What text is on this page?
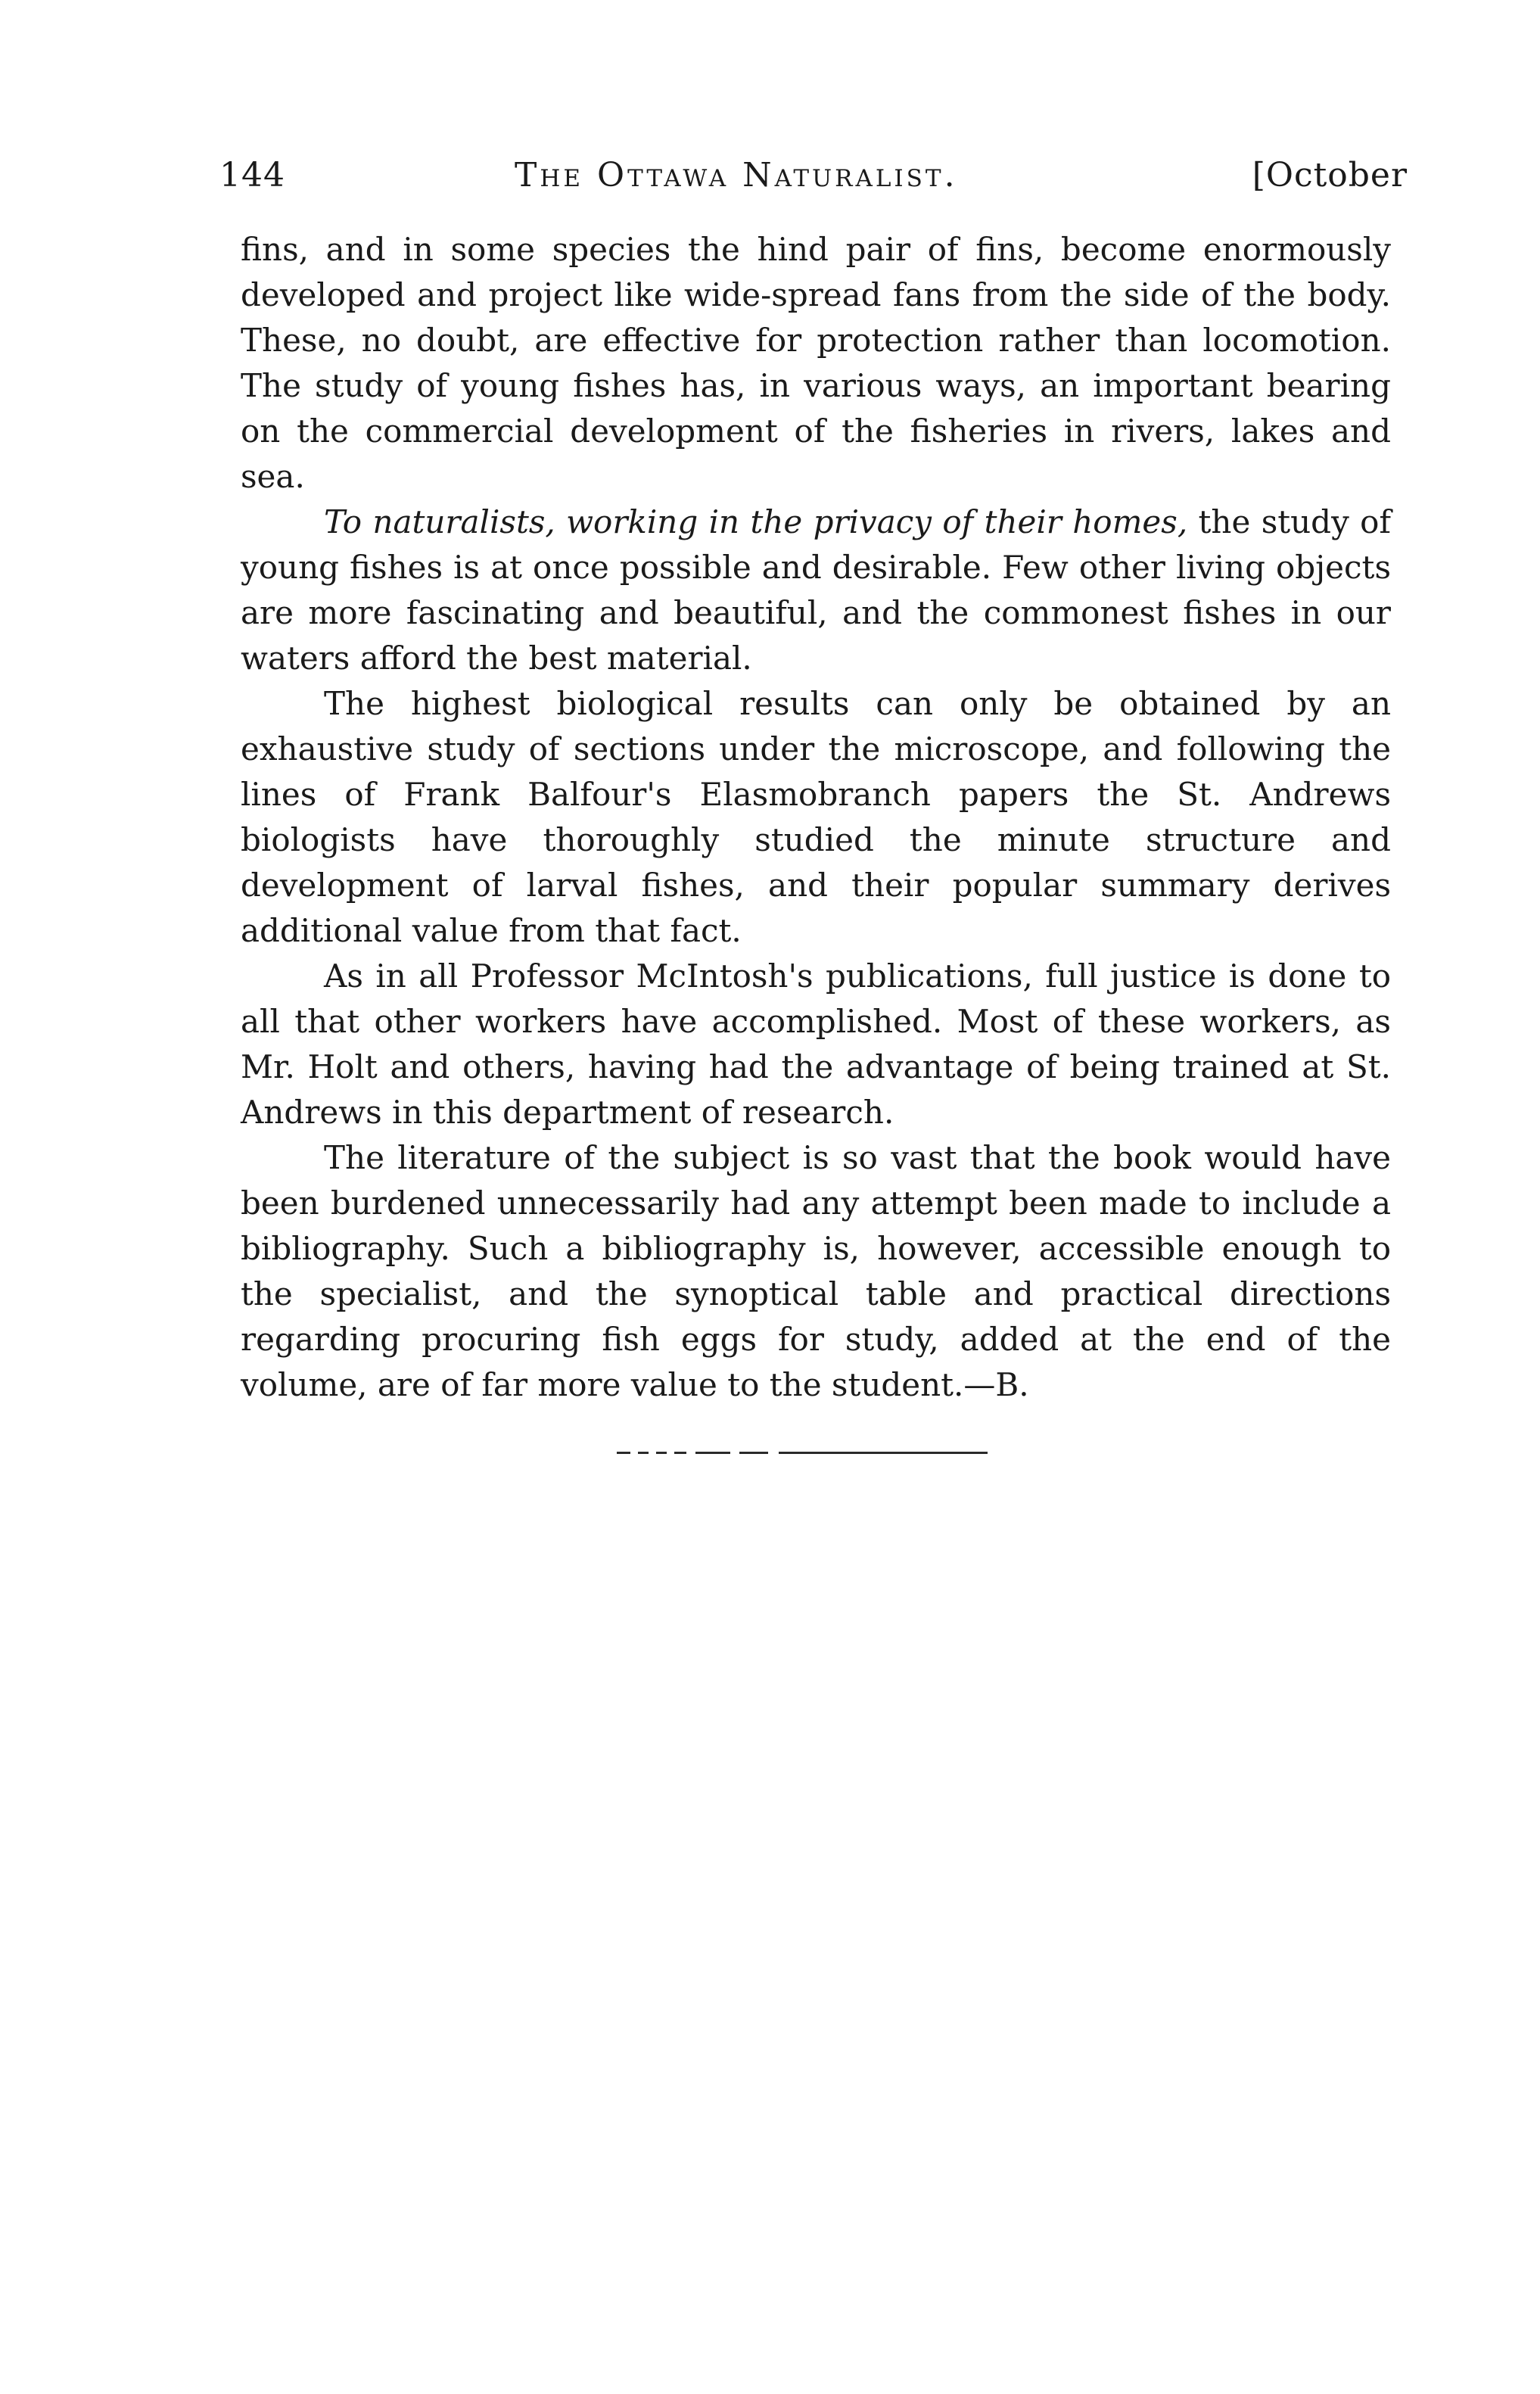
144	The Ottawa Naturalist.	[October

fins, and in some species the hind pair of fins, become enormously developed and project like wide-spread fans from the side of the body. These, no doubt, are effective for protection rather than locomotion. The study of young fishes has, in various ways, an important bearing on the commercial development of the fisheries in rivers, lakes and sea.

To naturalists, working in the privacy of their homes, the study of young fishes is at once possible and desirable. Few other living objects are more fascinating and beautiful, and the commonest fishes in our waters afford the best material.

The highest biological results can only be obtained by an exhaustive study of sections under the microscope, and following the lines of Frank Balfour's Elasmobranch papers the St. Andrews biologists have thoroughly studied the minute structure and development of larval fishes, and their popular summary derives additional value from that fact.

As in all Professor McIntosh's publications, full justice is done to all that other workers have accomplished. Most of these workers, as Mr. Holt and others, having had the advantage of being trained at St. Andrews in this department of research.

The literature of the subject is so vast that the book would have been burdened unnecessarily had any attempt been made to include a bibliography. Such a bibliography is, however, accessible enough to the specialist, and the synoptical table and practical directions regarding procuring fish eggs for study, added at the end of the volume, are of far more value to the student.—B.
